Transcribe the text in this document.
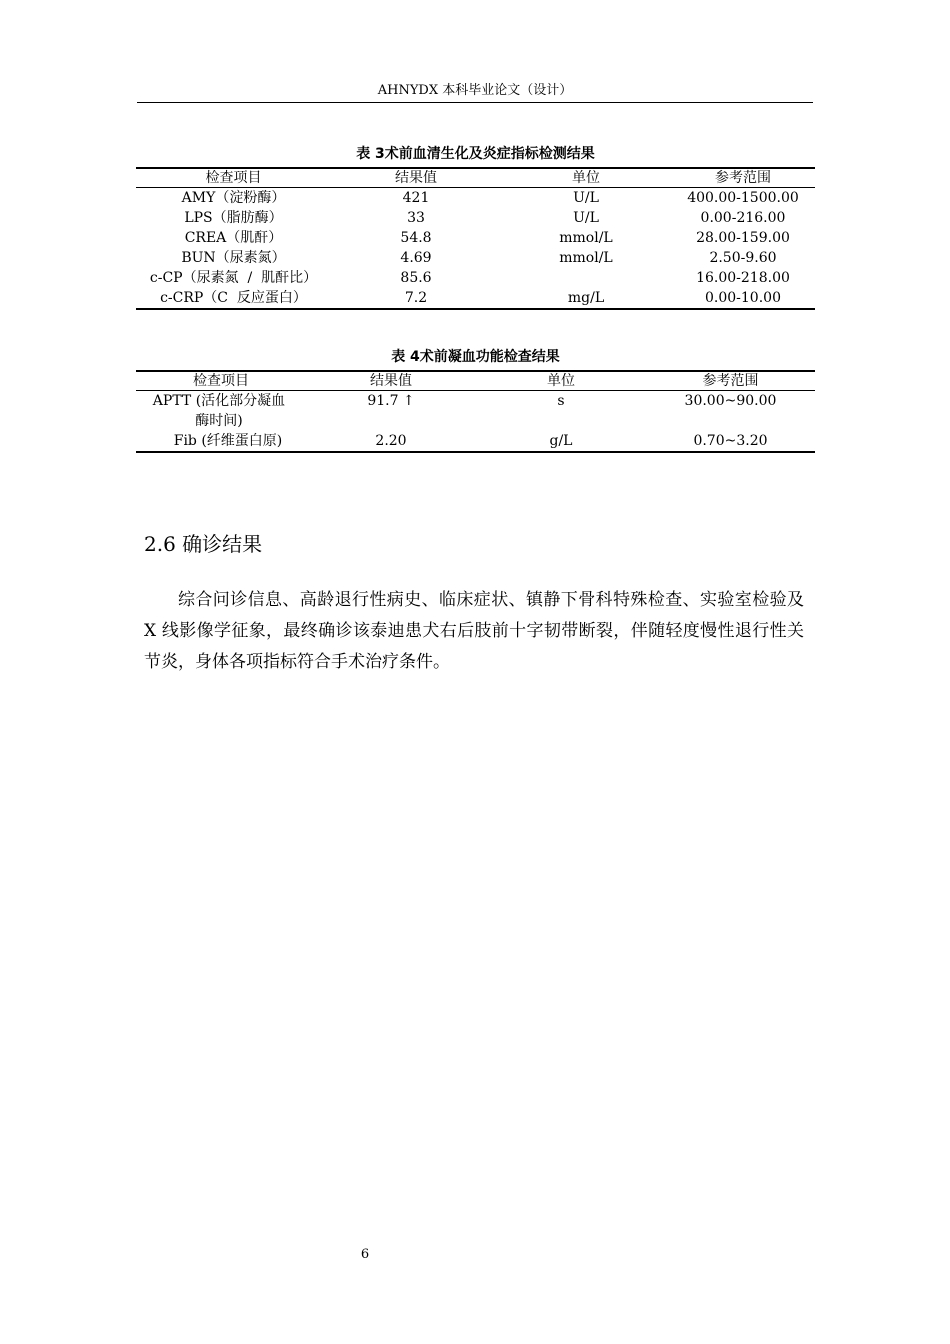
AHNYDX 本科毕业论文（设计）
表 3术前血清生化及炎症指标检测结果
检查项目	结果值	单位	参考范围
AMY（淀粉酶）	421	U/L	400.00-1500.00
LPS（脂肪酶）	33	U/L	0.00-216.00
CREA（肌酐）	54.8	mmol/L	28.00-159.00
BUN（尿素氮）	4.69	mmol/L	2.50-9.60
c-CP（尿素氮  /  肌酐比）	85.6		16.00-218.00
c-CRP（C  反应蛋白）	7.2	mg/L	0.00-10.00
表 4术前凝血功能检查结果
检查项目	结果值	单位	参考范围
APTT (活化部分凝血酶时间)	91.7 ↑	s	30.00~90.00
Fib (纤维蛋白原)	2.20	g/L	0.70~3.20
2.6 确诊结果

综合问诊信息、高龄退行性病史、临床症状、镇静下骨科特殊检查、实验室检验及 X 线影像学征象，最终确诊该泰迪患犬右后肢前十字韧带断裂，伴随轻度慢性退行性关节炎，身体各项指标符合手术治疗条件。

6
